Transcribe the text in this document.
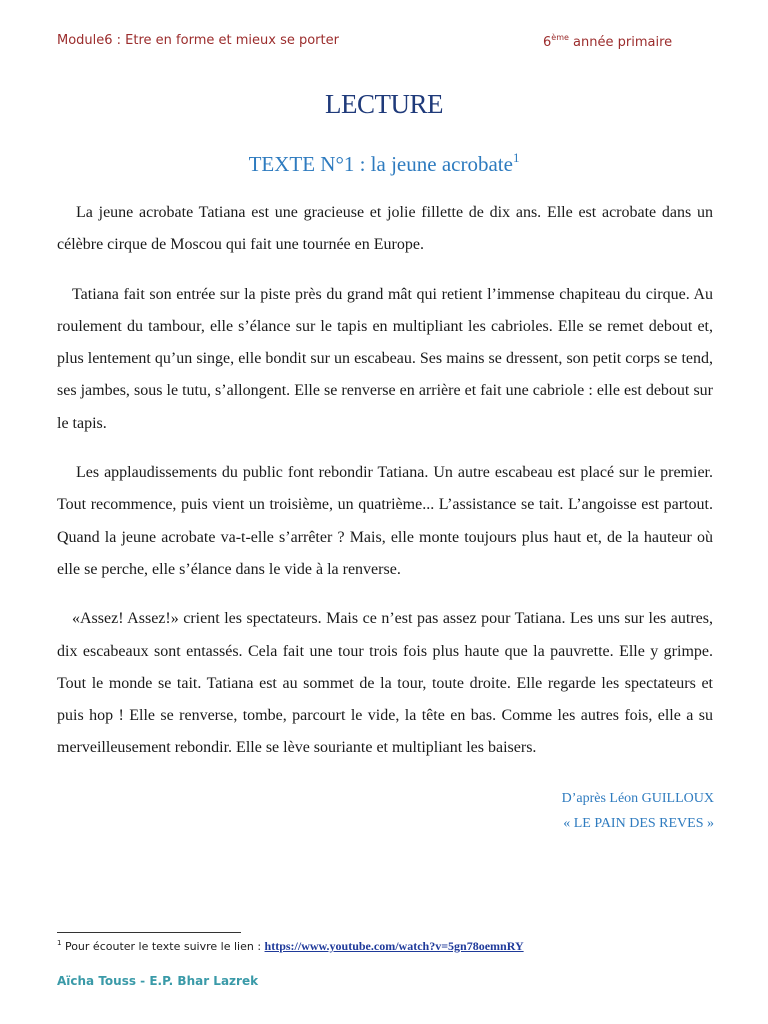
Module6 : Etre en forme et mieux se porter	6ème année primaire
LECTURE
TEXTE N°1 : la jeune acrobate$^1$

La jeune acrobate Tatiana est une gracieuse et jolie fillette de dix ans. Elle est acrobate dans un célèbre cirque de Moscou qui fait une tournée en Europe.

Tatiana fait son entrée sur la piste près du grand mât qui retient l’immense chapiteau du cirque. Au roulement du tambour, elle s’élance sur le tapis en multipliant les cabrioles. Elle se remet debout et, plus lentement qu’un singe, elle bondit sur un escabeau. Ses mains se dressent, son petit corps se tend, ses jambes, sous le tutu, s’allongent. Elle se renverse en arrière et fait une cabriole : elle est debout sur le tapis.

Les applaudissements du public font rebondir Tatiana. Un autre escabeau est placé sur le premier. Tout recommence, puis vient un troisième, un quatrième... L’assistance se tait. L’angoisse est partout. Quand la jeune acrobate va-t-elle s’arrêter ? Mais, elle monte toujours plus haut et, de la hauteur où elle se perche, elle s’élance dans le vide à la renverse.

«Assez! Assez!» crient les spectateurs. Mais ce n’est pas assez pour Tatiana. Les uns sur les autres, dix escabeaux sont entassés. Cela fait une tour trois fois plus haute que la pauvrette. Elle y grimpe. Tout le monde se tait. Tatiana est au sommet de la tour, toute droite. Elle regarde les spectateurs et puis hop ! Elle se renverse, tombe, parcourt le vide, la tête en bas. Comme les autres fois, elle a su merveilleusement rebondir. Elle se lève souriante et multipliant les baisers.

D’après Léon GUILLOUX
« LE PAIN DES REVES »
$^1$ Pour écouter le texte suivre le lien : https://www.youtube.com/watch?v=5gn78oemnRY
Aïcha Touss - E.P. Bhar Lazrek
